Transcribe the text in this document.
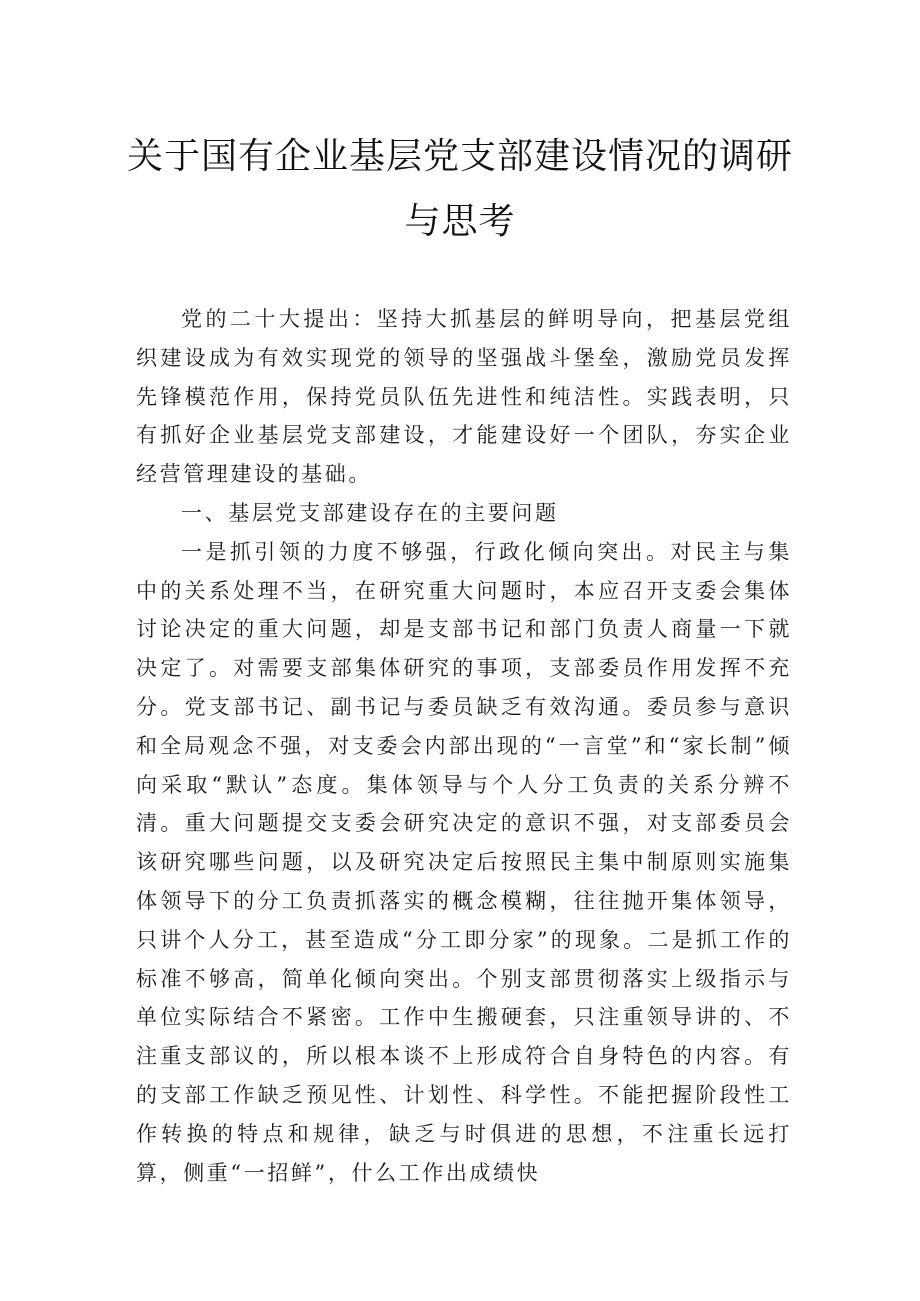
关于国有企业基层党支部建设情况的调研
与思考

党的二十大提出：坚持大抓基层的鲜明导向，把基层党组织建设成为有效实现党的领导的坚强战斗堡垒，激励党员发挥先锋模范作用，保持党员队伍先进性和纯洁性。实践表明，只有抓好企业基层党支部建设，才能建设好一个团队，夯实企业经营管理建设的基础。

一、基层党支部建设存在的主要问题

一是抓引领的力度不够强，行政化倾向突出。对民主与集中的关系处理不当，在研究重大问题时，本应召开支委会集体讨论决定的重大问题，却是支部书记和部门负责人商量一下就决定了。对需要支部集体研究的事项，支部委员作用发挥不充分。党支部书记、副书记与委员缺乏有效沟通。委员参与意识和全局观念不强，对支委会内部出现的“一言堂”和“家长制”倾向采取“默认”态度。集体领导与个人分工负责的关系分辨不清。重大问题提交支委会研究决定的意识不强，对支部委员会该研究哪些问题，以及研究决定后按照民主集中制原则实施集体领导下的分工负责抓落实的概念模糊，往往抛开集体领导，只讲个人分工，甚至造成“分工即分家”的现象。二是抓工作的标准不够高，简单化倾向突出。个别支部贯彻落实上级指示与单位实际结合不紧密。工作中生搬硬套，只注重领导讲的、不注重支部议的，所以根本谈不上形成符合自身特色的内容。有的支部工作缺乏预见性、计划性、科学性。不能把握阶段性工作转换的特点和规律，缺乏与时俱进的思想，不注重长远打算，侧重“一招鲜”，什么工作出成绩快
